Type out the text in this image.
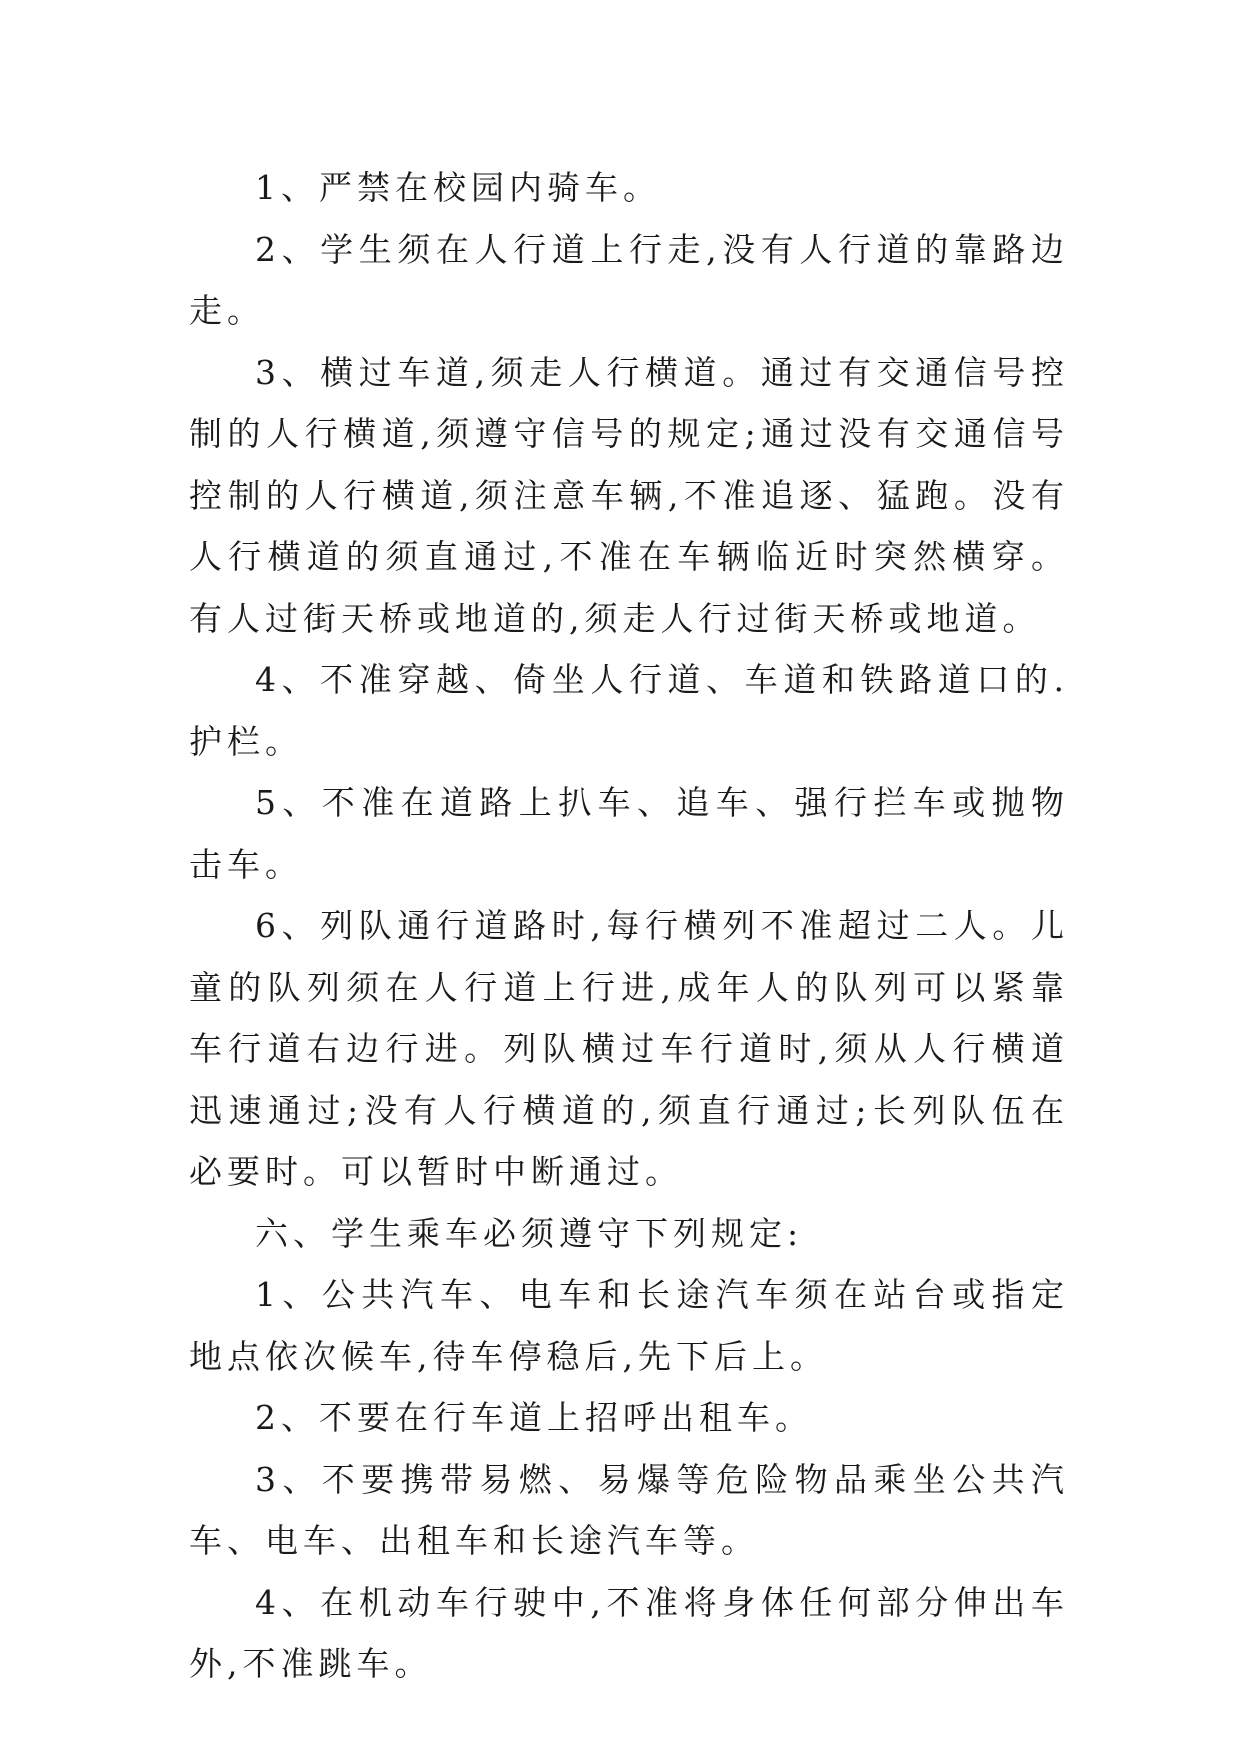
1、严禁在校园内骑车。

2、学生须在人行道上行走,没有人行道的靠路边走。

3、横过车道,须走人行横道。通过有交通信号控制的人行横道,须遵守信号的规定;通过没有交通信号控制的人行横道,须注意车辆,不准追逐、猛跑。没有人行横道的须直通过,不准在车辆临近时突然横穿。有人过街天桥或地道的,须走人行过街天桥或地道。

4、不准穿越、倚坐人行道、车道和铁路道口的.护栏。

5、不准在道路上扒车、追车、强行拦车或抛物击车。

6、列队通行道路时,每行横列不准超过二人。儿童的队列须在人行道上行进,成年人的队列可以紧靠车行道右边行进。列队横过车行道时,须从人行横道迅速通过;没有人行横道的,须直行通过;长列队伍在必要时。可以暂时中断通过。

六、学生乘车必须遵守下列规定:

1、公共汽车、电车和长途汽车须在站台或指定地点依次候车,待车停稳后,先下后上。

2、不要在行车道上招呼出租车。

3、不要携带易燃、易爆等危险物品乘坐公共汽车、电车、出租车和长途汽车等。

4、在机动车行驶中,不准将身体任何部分伸出车外,不准跳车。
